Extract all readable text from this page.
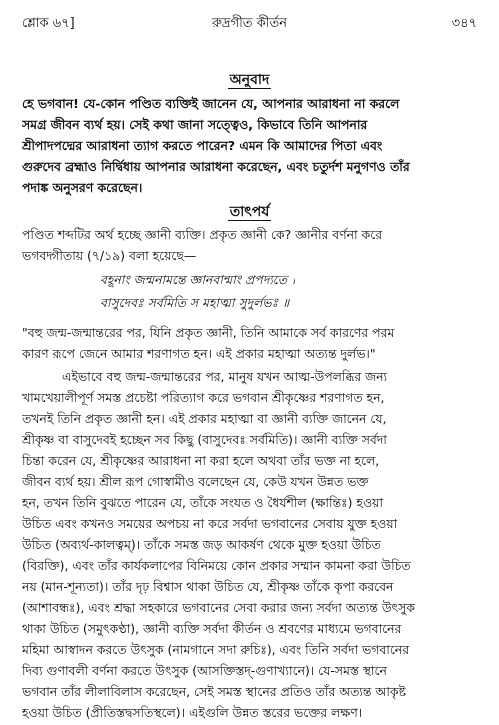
শ্লোক ৬৭]	রুদ্রগীত কীর্তন	৩৪৭
অনুবাদ
হে ভগবান! যে-কোন পণ্ডিত ব্যক্তিই জানেন যে, আপনার আরাধনা না করলে
সমগ্র জীবন ব্যর্থ হয়। সেই কথা জানা সত্ত্বেও, কিভাবে তিনি আপনার
শ্রীপাদপদ্মের আরাধনা ত্যাগ করতে পারেন? এমন কি আমাদের পিতা এবং
গুরুদেব ব্রহ্মাও নির্দ্বিধায় আপনার আরাধনা করেছেন, এবং চতুর্দশ মনুগণও তাঁর
পদাঙ্ক অনুসরণ করেছেন।
তাৎপর্য
পণ্ডিত শব্দটির অর্থ হচ্ছে জ্ঞানী ব্যক্তি। প্রকৃত জ্ঞানী কে? জ্ঞানীর বর্ণনা করে
ভগবদ্গীতায় (৭/১৯) বলা হয়েছে—
বহূনাং জন্মনামন্তে জ্ঞানবান্মাং প্রপদ্যতে ।
বাসুদেবঃ সর্বমিতি স মহাত্মা সুদুর্লভঃ ॥
"বহু জন্ম-জন্মান্তরের পর, যিনি প্রকৃত জ্ঞানী, তিনি আমাকে সর্ব কারণের পরম
কারণ রূপে জেনে আমার শরণাগত হন। এই প্রকার মহাত্মা অত্যন্ত দুর্লভ।"
এইভাবে বহু জন্ম-জন্মান্তরের পর, মানুষ যখন আত্ম-উপলব্ধির জন্য
খামখেয়ালীপূর্ণ সমস্ত প্রচেষ্টা পরিত্যাগ করে ভগবান শ্রীকৃষ্ণের শরণাগত হন,
তখনই তিনি প্রকৃত জ্ঞানী হন। এই প্রকার মহাত্মা বা জ্ঞানী ব্যক্তি জানেন যে,
শ্রীকৃষ্ণ বা বাসুদেবই হচ্ছেন সব কিছু (বাসুদেবঃ সর্বমিতি)। জ্ঞানী ব্যক্তি সর্বদা
চিন্তা করেন যে, শ্রীকৃষ্ণের আরাধনা না করা হলে অথবা তাঁর ভক্ত না হলে,
জীবন ব্যর্থ হয়। শ্রীল রূপ গোস্বামীও বলেছেন যে, কেউ যখন উন্নত ভক্ত
হন, তখন তিনি বুঝতে পারেন যে, তাঁকে সংযত ও ধৈর্যশীল (ক্ষান্তিঃ) হওয়া
উচিত এবং কখনও সময়ের অপচয় না করে সর্বদা ভগবানের সেবায় যুক্ত হওয়া
উচিত (অব্যর্থ-কালত্বম্)। তাঁকে সমস্ত জড় আকর্ষণ থেকে মুক্ত হওয়া উচিত
(বিরক্তি), এবং তাঁর কার্যকলাপের বিনিময়ে কোন প্রকার সম্মান কামনা করা উচিত
নয় (মান-শূন্যতা)। তাঁর দৃঢ় বিশ্বাস থাকা উচিত যে, শ্রীকৃষ্ণ তাঁকে কৃপা করবেন
(আশাবন্ধঃ), এবং শ্রদ্ধা সহকারে ভগবানের সেবা করার জন্য সর্বদা অত্যন্ত উৎসুক
থাকা উচিত (সমুৎকণ্ঠা), জ্ঞানী ব্যক্তি সর্বদা কীর্তন ও শ্রবণের মাধ্যমে ভগবানের
মহিমা আস্বাদন করতে উৎসুক (নামগানে সদা রুচিঃ), এবং তিনি সর্বদা ভগবানের
দিব্য গুণাবলী বর্ণনা করতে উৎসুক (আসক্তিস্তদ্-গুণাখ্যানে)। যে-সমস্ত স্থানে
ভগবান তাঁর লীলাবিলাস করেছেন, সেই সমস্ত স্থানের প্রতিও তাঁর অত্যন্ত আকৃষ্ট
হওয়া উচিত (প্রীতিস্তদ্বসতিস্থলে)। এইগুলি উন্নত স্তরের ভক্তের লক্ষণ।
